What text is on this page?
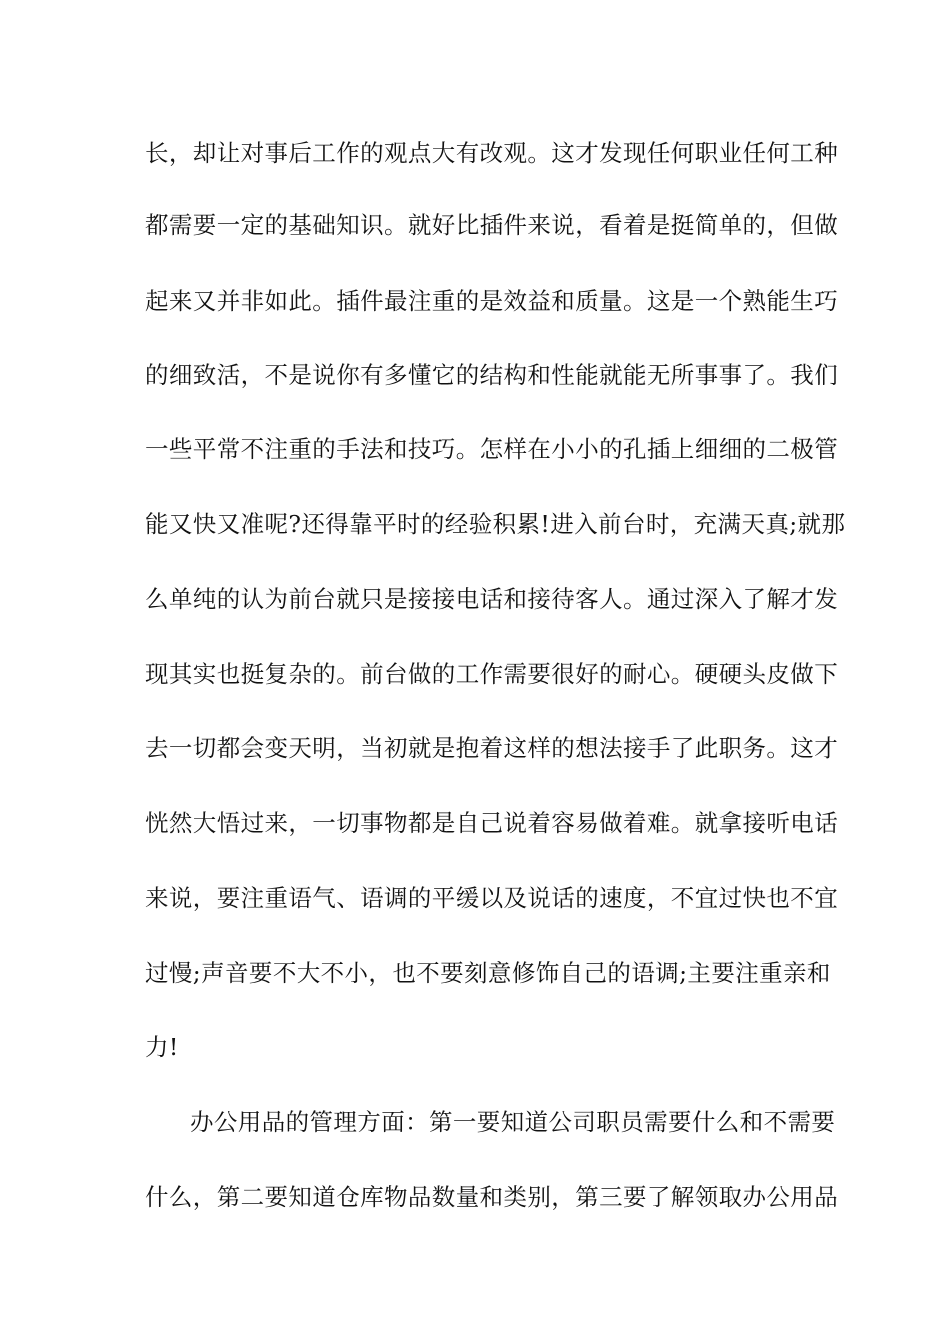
长，却让对事后工作的观点大有改观。这才发现任何职业任何工种

都需要一定的基础知识。就好比插件来说，看着是挺简单的，但做

起来又并非如此。插件最注重的是效益和质量。这是一个熟能生巧

的细致活，不是说你有多懂它的结构和性能就能无所事事了。我们

一些平常不注重的手法和技巧。怎样在小小的孔插上细细的二极管

能又快又准呢?还得靠平时的经验积累!进入前台时，充满天真;就那

么单纯的认为前台就只是接接电话和接待客人。通过深入了解才发

现其实也挺复杂的。前台做的工作需要很好的耐心。硬硬头皮做下

去一切都会变天明，当初就是抱着这样的想法接手了此职务。这才

恍然大悟过来，一切事物都是自己说着容易做着难。就拿接听电话

来说，要注重语气、语调的平缓以及说话的速度，不宜过快也不宜

过慢;声音要不大不小，也不要刻意修饰自己的语调;主要注重亲和

力!

办公用品的管理方面：第一要知道公司职员需要什么和不需要

什么，第二要知道仓库物品数量和类别，第三要了解领取办公用品
